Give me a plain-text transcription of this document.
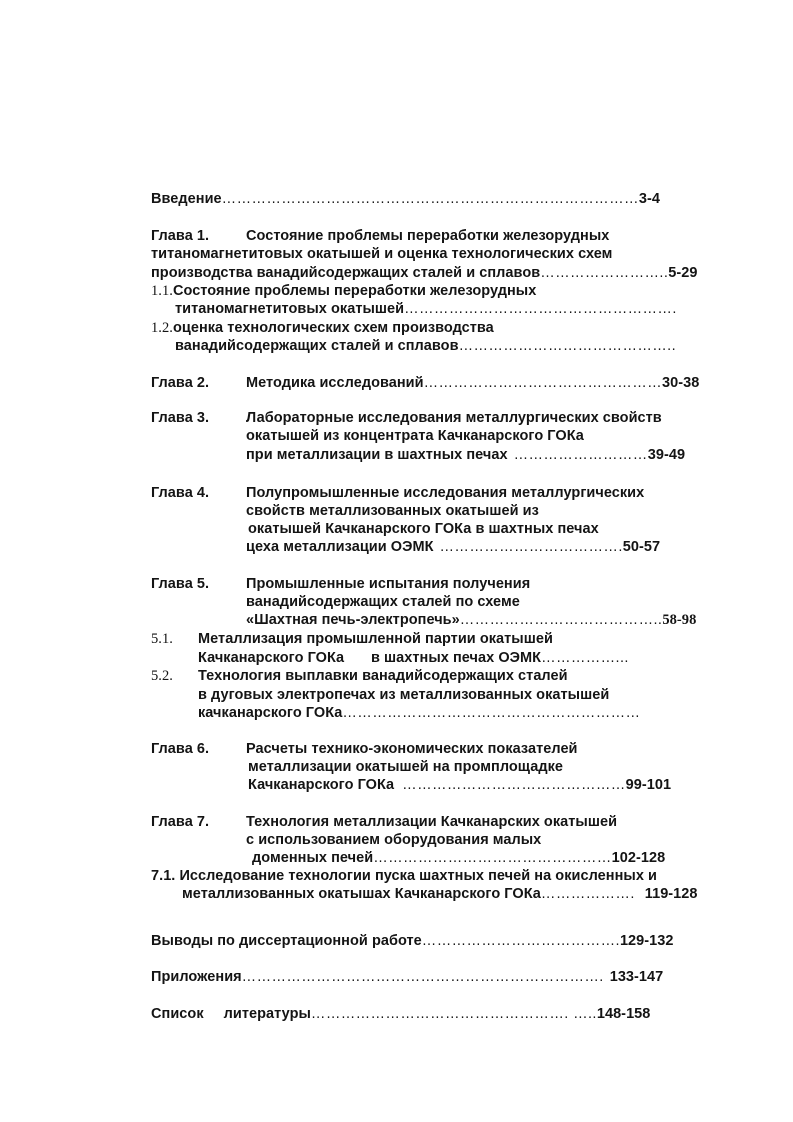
Введение…………………………………………………………………………3-4
Глава 1.	Состояние проблемы переработки железорудных
титаномагнетитовых окатышей и оценка технологических схем
производства ванадийсодержащих сталей и сплавов……………………..5-29
1.1.Состояние проблемы переработки железорудных
титаномагнетитовых окатышей……………………………………………….
1.2.оценка технологических схем производства
ванадийсодержащих сталей и сплавов……………………………………..
Глава 2.	Методика исследований…………………………………………30-38
Глава 3.	Лабораторные исследования металлургических свойств
окатышей из концентрата Качканарского ГОКа
при металлизации в шахтных печах ………………………39-49
Глава 4.	Полупромышленные исследования металлургических
свойств металлизованных окатышей из
окатышей Качканарского ГОКа в шахтных печах
цеха металлизации ОЭМК ……………………………….50-57
Глава 5.	Промышленные испытания получения
ванадийсодержащих сталей по схеме
«Шахтная печь-электропечь»…………………………………..58-98
5.1. Металлизация промышленной партии окатышей
Качканарского ГОКа в шахтных печах ОЭМК……………...
5.2. Технология выплавки ванадийсодержащих сталей
в дуговых электропечах из металлизованных окатышей
качканарского ГОКа……………………………………………………
Глава 6.	Расчеты технико-экономических показателей
металлизации окатышей на промплощадке
Качканарского ГОКа ………………………………………99-101
Глава 7.	Технология металлизации Качканарских окатышей
с использованием оборудования малых
доменных печей…………………………………………102-128
7.1. Исследование технологии пуска шахтных печей на окисленных и
металлизованных окатышах Качканарского ГОКа………………. 119-128
Выводы по диссертационной работе………………………………….129-132
Приложения………………………………………………………………. 133-147
Список литературы……………………………………………. …..148-158
